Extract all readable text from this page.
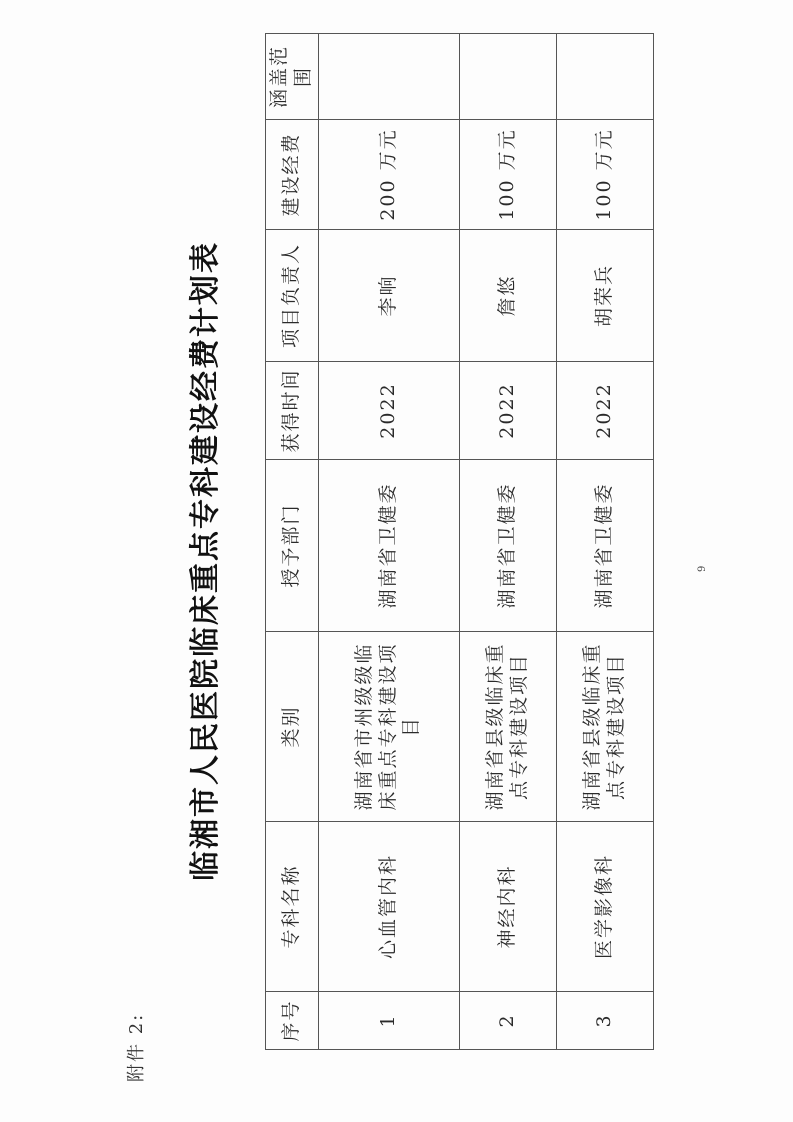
附件 2:
临湘市人民医院临床重点专科建设经费计划表
序号	专科名称	类别	授予部门	获得时间	项目负责人	建设经费	涵盖范围
1	心血管内科	湖南省市州级级临床重点专科建设项目	湖南省卫健委	2022	李响	200 万元	
2	神经内科	湖南省县级临床重点专科建设项目	湖南省卫健委	2022	詹悠	100 万元	
3	医学影像科	湖南省县级临床重点专科建设项目	湖南省卫健委	2022	胡荣兵	100 万元	
9
